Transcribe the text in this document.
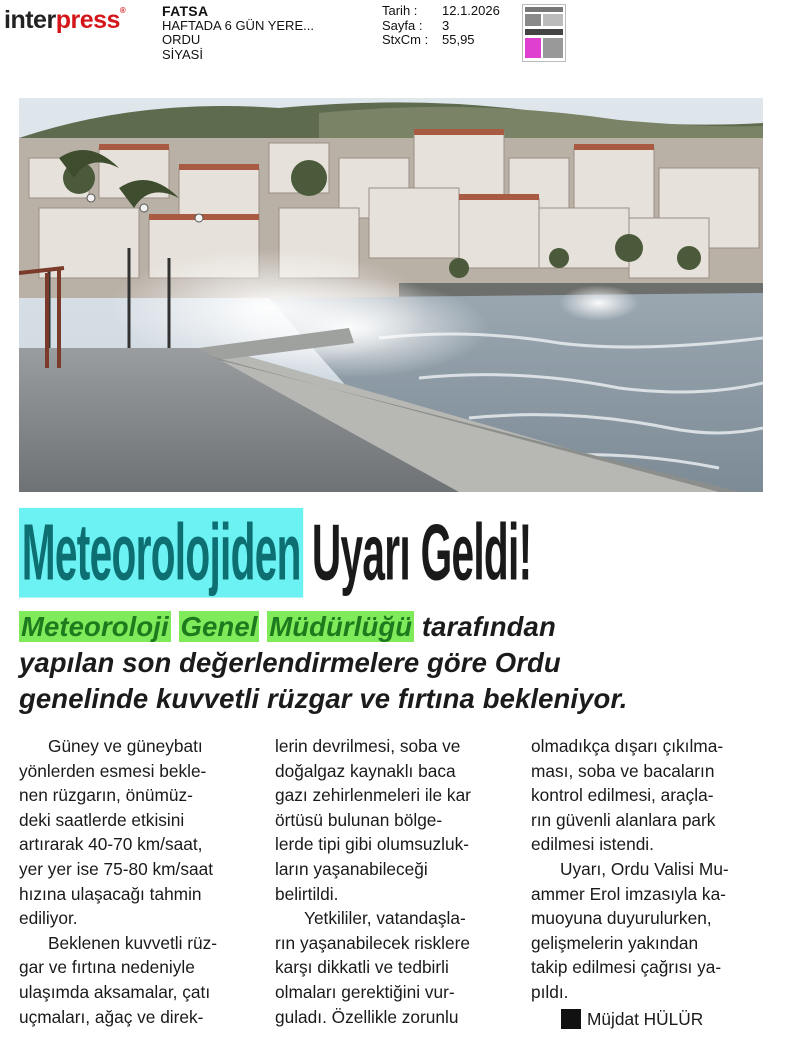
interpress®	FATSA
HAFTADA 6 GÜN YERE...
ORDU
SİYASİ
Tarih :	12.1.2026
Sayfa :	3
StxCm :	55,95
Meteorolojiden Uyarı Geldi!
Meteoroloji Genel Müdürlüğü tarafından
yapılan son değerlendirmelere göre Ordu
genelinde kuvvetli rüzgar ve fırtına bekleniyor.

Güney ve güneybatı
yönlerden esmesi bekle-
nen rüzgarın, önümüz-
deki saatlerde etkisini
artırarak 40-70 km/saat,
yer yer ise 75-80 km/saat
hızına ulaşacağı tahmin
ediliyor.

Beklenen kuvvetli rüz-
gar ve fırtına nedeniyle
ulaşımda aksamalar, çatı
uçmaları, ağaç ve direk-

lerin devrilmesi, soba ve
doğalgaz kaynaklı baca
gazı zehirlenmeleri ile kar
örtüsü bulunan bölge-
lerde tipi gibi olumsuzluk-
ların yaşanabileceği
belirtildi.

Yetkililer, vatandaşla-
rın yaşanabilecek risklere
karşı dikkatli ve tedbirli
olmaları gerektiğini vur-
guladı. Özellikle zorunlu

olmadıkça dışarı çıkılma-
ması, soba ve bacaların
kontrol edilmesi, araçla-
rın güvenli alanlara park
edilmesi istendi.

Uyarı, Ordu Valisi Mu-
ammer Erol imzasıyla ka-
muoyuna duyurulurken,
gelişmelerin yakından
takip edilmesi çağrısı ya-
pıldı.

Müjdat HÜLÜR
